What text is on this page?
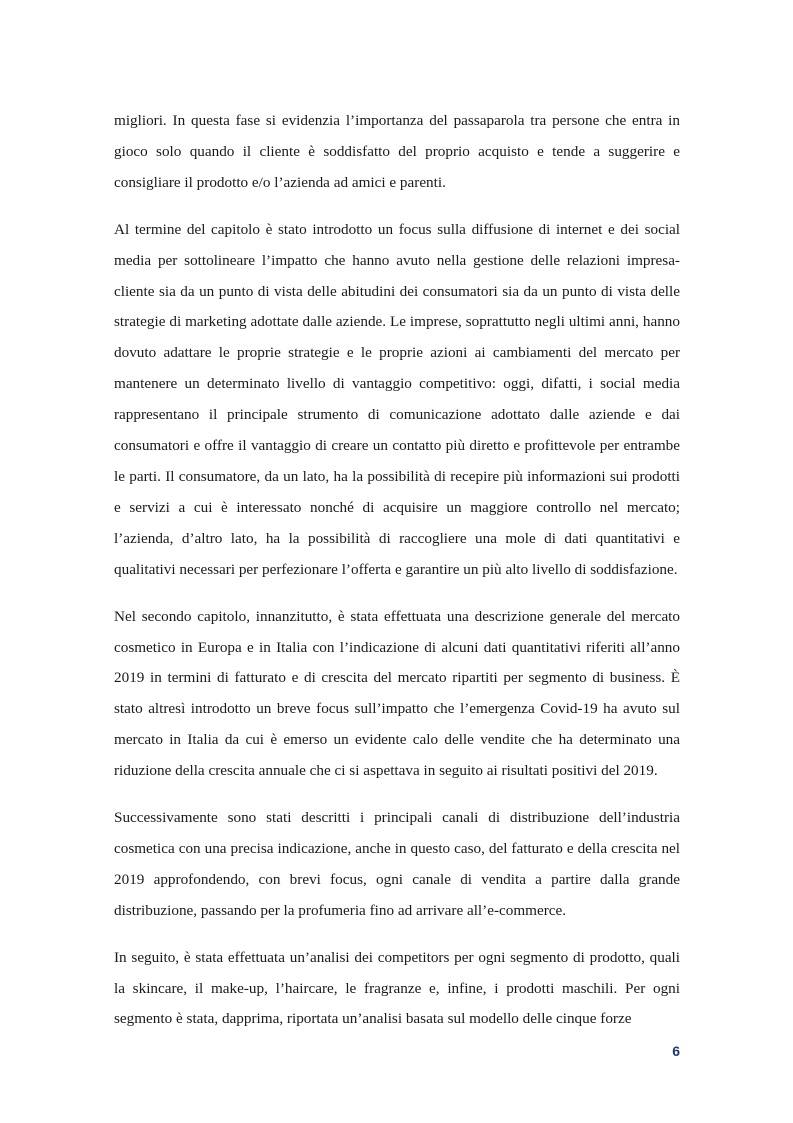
migliori. In questa fase si evidenzia l’importanza del passaparola tra persone che entra in gioco solo quando il cliente è soddisfatto del proprio acquisto e tende a suggerire e consigliare il prodotto e/o l’azienda ad amici e parenti.

Al termine del capitolo è stato introdotto un focus sulla diffusione di internet e dei social media per sottolineare l’impatto che hanno avuto nella gestione delle relazioni impresa-cliente sia da un punto di vista delle abitudini dei consumatori sia da un punto di vista delle strategie di marketing adottate dalle aziende. Le imprese, soprattutto negli ultimi anni, hanno dovuto adattare le proprie strategie e le proprie azioni ai cambiamenti del mercato per mantenere un determinato livello di vantaggio competitivo: oggi, difatti, i social media rappresentano il principale strumento di comunicazione adottato dalle aziende e dai consumatori e offre il vantaggio di creare un contatto più diretto e profittevole per entrambe le parti. Il consumatore, da un lato, ha la possibilità di recepire più informazioni sui prodotti e servizi a cui è interessato nonché di acquisire un maggiore controllo nel mercato; l’azienda, d’altro lato, ha la possibilità di raccogliere una mole di dati quantitativi e qualitativi necessari per perfezionare l’offerta e garantire un più alto livello di soddisfazione.

Nel secondo capitolo, innanzitutto, è stata effettuata una descrizione generale del mercato cosmetico in Europa e in Italia con l’indicazione di alcuni dati quantitativi riferiti all’anno 2019 in termini di fatturato e di crescita del mercato ripartiti per segmento di business. È stato altresì introdotto un breve focus sull’impatto che l’emergenza Covid-19 ha avuto sul mercato in Italia da cui è emerso un evidente calo delle vendite che ha determinato una riduzione della crescita annuale che ci si aspettava in seguito ai risultati positivi del 2019.

Successivamente sono stati descritti i principali canali di distribuzione dell’industria cosmetica con una precisa indicazione, anche in questo caso, del fatturato e della crescita nel 2019 approfondendo, con brevi focus, ogni canale di vendita a partire dalla grande distribuzione, passando per la profumeria fino ad arrivare all’e-commerce.

In seguito, è stata effettuata un’analisi dei competitors per ogni segmento di prodotto, quali la skincare, il make-up, l’haircare, le fragranze e, infine, i prodotti maschili. Per ogni segmento è stata, dapprima, riportata un’analisi basata sul modello delle cinque forze

6
